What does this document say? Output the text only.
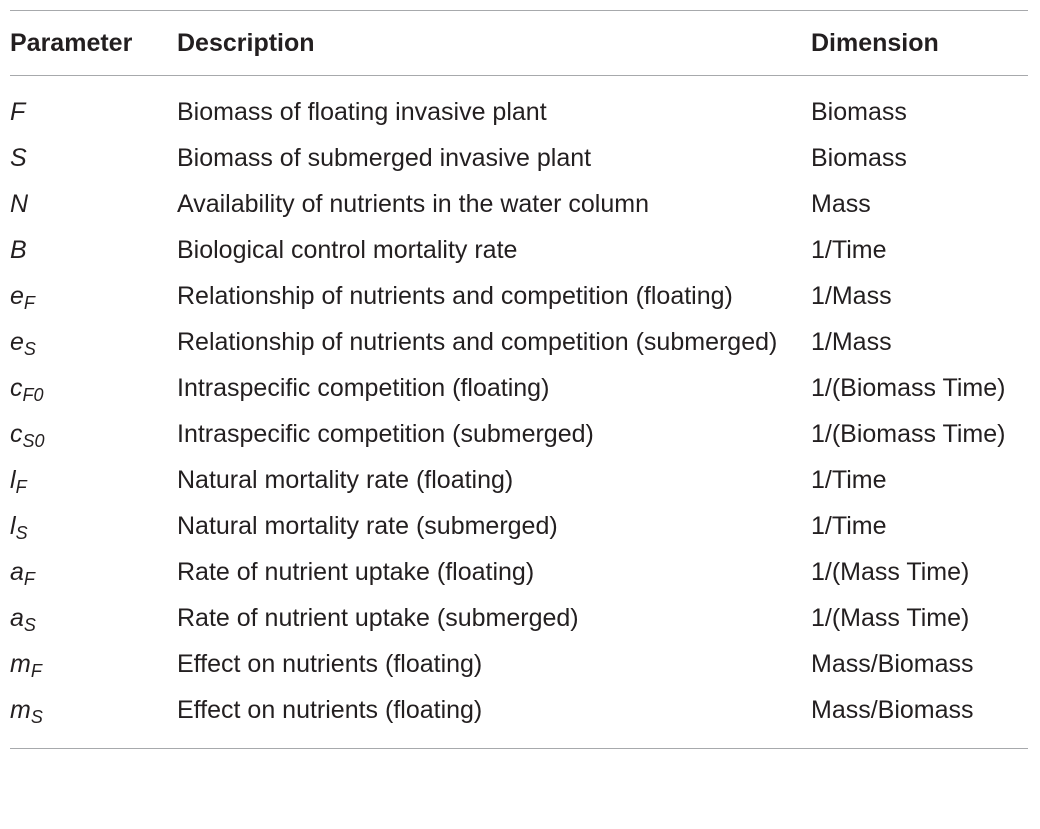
Parameter	Description	Dimension
F	Biomass of floating invasive plant	Biomass
S	Biomass of submerged invasive plant	Biomass
N	Availability of nutrients in the water column	Mass
B	Biological control mortality rate	1/Time
$e_F$	Relationship of nutrients and competition (floating)	1/Mass
$e_S$	Relationship of nutrients and competition (submerged)	1/Mass
$c_{F0}$	Intraspecific competition (floating)	1/(Biomass Time)
$c_{S0}$	Intraspecific competition (submerged)	1/(Biomass Time)
$l_F$	Natural mortality rate (floating)	1/Time
$l_S$	Natural mortality rate (submerged)	1/Time
$a_F$	Rate of nutrient uptake (floating)	1/(Mass Time)
$a_S$	Rate of nutrient uptake (submerged)	1/(Mass Time)
$m_F$	Effect on nutrients (floating)	Mass/Biomass
$m_S$	Effect on nutrients (floating)	Mass/Biomass
